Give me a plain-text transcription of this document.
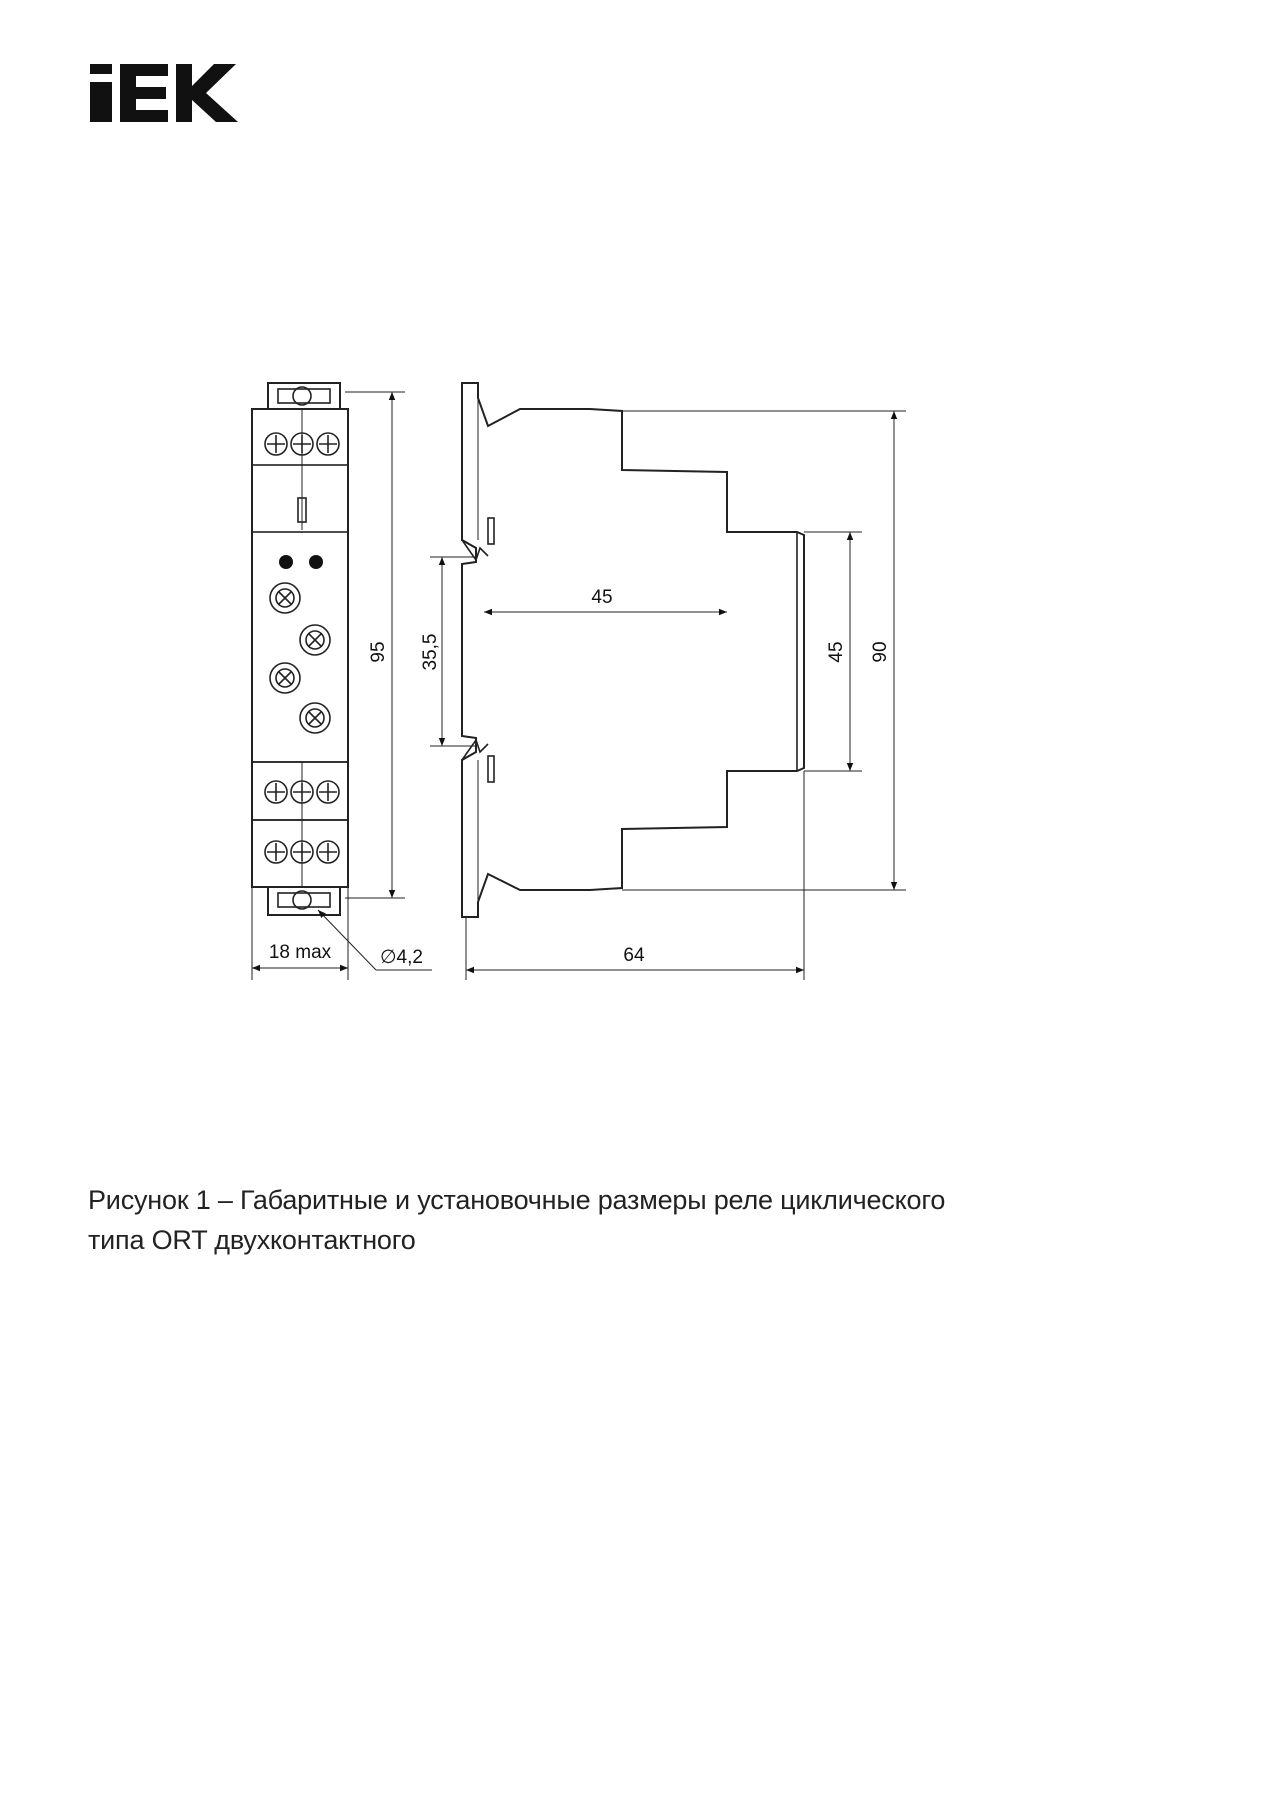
95
18 max	∅4,2
35,5
45
45 90
64
Рисунок 1 – Габаритные и установочные размеры реле циклического
типа ORT двухконтактного
